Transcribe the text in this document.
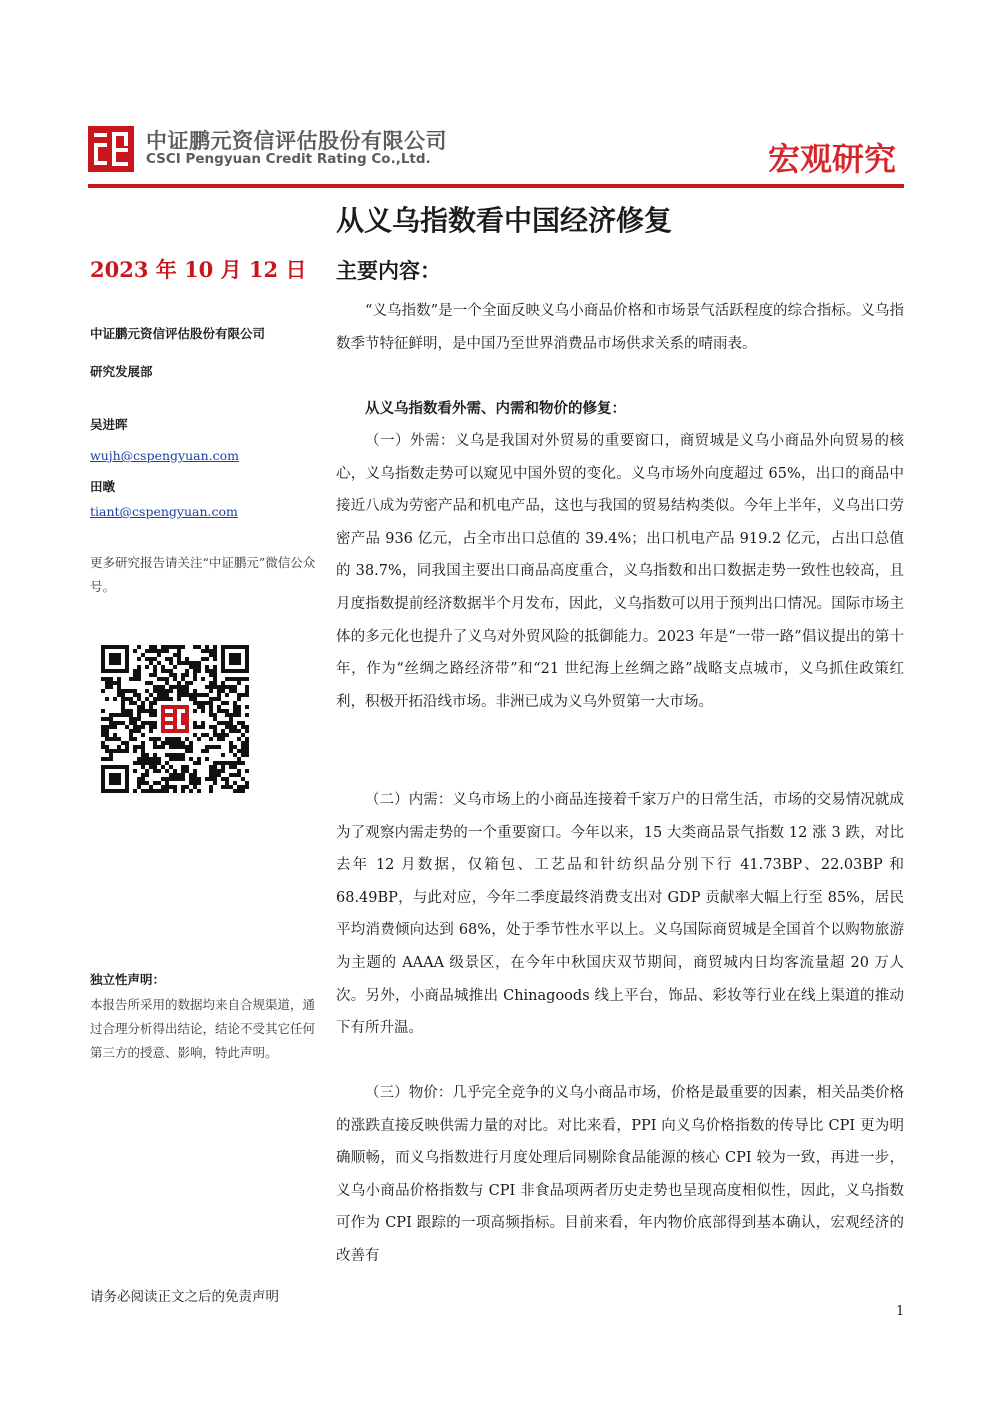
中证鹏元资信评估股份有限公司
CSCI Pengyuan Credit Rating Co.,Ltd.	宏观研究
从义乌指数看中国经济修复
2023 年 10 月 12 日
中证鹏元资信评估股份有限公司
研究发展部
吴进晖
wujh@cspengyuan.com
田暾
tiant@cspengyuan.com
更多研究报告请关注“中证鹏元”微信公众号。
独立性声明：
本报告所采用的数据均来自合规渠道，通过合理分析得出结论，结论不受其它任何第三方的授意、影响，特此声明。
主要内容：

“义乌指数”是一个全面反映义乌小商品价格和市场景气活跃程度的综合指标。义乌指数季节特征鲜明，是中国乃至世界消费品市场供求关系的晴雨表。

从义乌指数看外需、内需和物价的修复：

（一）外需：义乌是我国对外贸易的重要窗口，商贸城是义乌小商品外向贸易的核心，义乌指数走势可以窥见中国外贸的变化。义乌市场外向度超过 65%，出口的商品中接近八成为劳密产品和机电产品，这也与我国的贸易结构类似。今年上半年，义乌出口劳密产品 936 亿元，占全市出口总值的 39.4%；出口机电产品 919.2 亿元，占出口总值的 38.7%，同我国主要出口商品高度重合，义乌指数和出口数据走势一致性也较高，且月度指数提前经济数据半个月发布，因此，义乌指数可以用于预判出口情况。国际市场主体的多元化也提升了义乌对外贸风险的抵御能力。2023 年是“一带一路”倡议提出的第十年，作为“丝绸之路经济带”和“21 世纪海上丝绸之路”战略支点城市，义乌抓住政策红利，积极开拓沿线市场。非洲已成为义乌外贸第一大市场。

（二）内需：义乌市场上的小商品连接着千家万户的日常生活，市场的交易情况就成为了观察内需走势的一个重要窗口。今年以来，15 大类商品景气指数 12 涨 3 跌，对比去年 12 月数据，仅箱包、工艺品和针纺织品分别下行 41.73BP、22.03BP 和 68.49BP，与此对应，今年二季度最终消费支出对 GDP 贡献率大幅上行至 85%，居民平均消费倾向达到 68%，处于季节性水平以上。义乌国际商贸城是全国首个以购物旅游为主题的 AAAA 级景区，在今年中秋国庆双节期间，商贸城内日均客流量超 20 万人次。另外，小商品城推出 Chinagoods 线上平台，饰品、彩妆等行业在线上渠道的推动下有所升温。

（三）物价：几乎完全竞争的义乌小商品市场，价格是最重要的因素，相关品类价格的涨跌直接反映供需力量的对比。对比来看，PPI 向义乌价格指数的传导比 CPI 更为明确顺畅，而义乌指数进行月度处理后同剔除食品能源的核心 CPI 较为一致，再进一步，义乌小商品价格指数与 CPI 非食品项两者历史走势也呈现高度相似性，因此，义乌指数可作为 CPI 跟踪的一项高频指标。目前来看，年内物价底部得到基本确认，宏观经济的改善有

请务必阅读正文之后的免责声明
1
